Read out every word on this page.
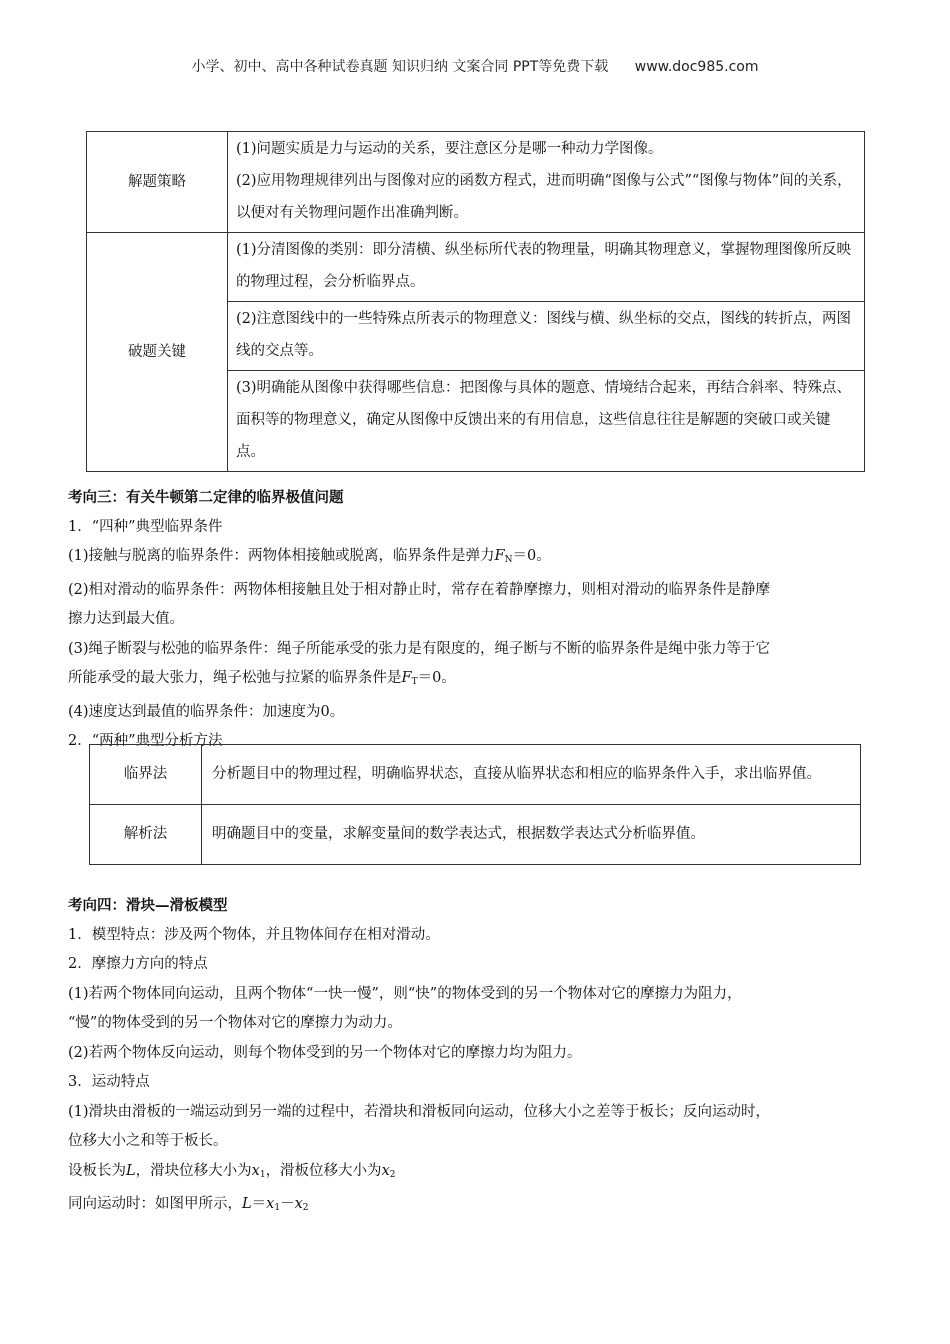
小学、初中、高中各种试卷真题 知识归纳 文案合同 PPT等免费下载 www.doc985.com
解题策略	(1)问题实质是力与运动的关系，要注意区分是哪一种动力学图像。
(2)应用物理规律列出与图像对应的函数方程式，进而明确“图像与公式”“图像与物体”间的关系，以便对有关物理问题作出准确判断。

破题关键	(1)分清图像的类别：即分清横、纵坐标所代表的物理量，明确其物理意义，掌握物理图像所反映的物理过程，会分析临界点。
	(2)注意图线中的一些特殊点所表示的物理意义：图线与横、纵坐标的交点，图线的转折点，两图线的交点等。
	(3)明确能从图像中获得哪些信息：把图像与具体的题意、情境结合起来，再结合斜率、特殊点、面积等的物理意义，确定从图像中反馈出来的有用信息，这些信息往往是解题的突破口或关键点。
考向三：有关牛顿第二定律的临界极值问题
1．“四种”典型临界条件
(1)接触与脱离的临界条件：两物体相接触或脱离，临界条件是弹力$F_N=0$。
(2)相对滑动的临界条件：两物体相接触且处于相对静止时，常存在着静摩擦力，则相对滑动的临界条件是静摩
擦力达到最大值。
(3)绳子断裂与松弛的临界条件：绳子所能承受的张力是有限度的，绳子断与不断的临界条件是绳中张力等于它
所能承受的最大张力，绳子松弛与拉紧的临界条件是$F_T=0$。
(4)速度达到最值的临界条件：加速度为0。
2．“两种”典型分析方法
临界法	分析题目中的物理过程，明确临界状态，直接从临界状态和相应的临界条件入手，求出临界值。
解析法	明确题目中的变量，求解变量间的数学表达式，根据数学表达式分析临界值。
考向四：滑块—滑板模型
1．模型特点：涉及两个物体，并且物体间存在相对滑动。
2．摩擦力方向的特点
(1)若两个物体同向运动，且两个物体“一快一慢”，则“快”的物体受到的另一个物体对它的摩擦力为阻力，
“慢”的物体受到的另一个物体对它的摩擦力为动力。
(2)若两个物体反向运动，则每个物体受到的另一个物体对它的摩擦力均为阻力。
3．运动特点
(1)滑块由滑板的一端运动到另一端的过程中，若滑块和滑板同向运动，位移大小之差等于板长；反向运动时，
位移大小之和等于板长。
设板长为L，滑块位移大小为$x_1$，滑板位移大小为$x_2$
同向运动时：如图甲所示，$L=x_1-x_2$
